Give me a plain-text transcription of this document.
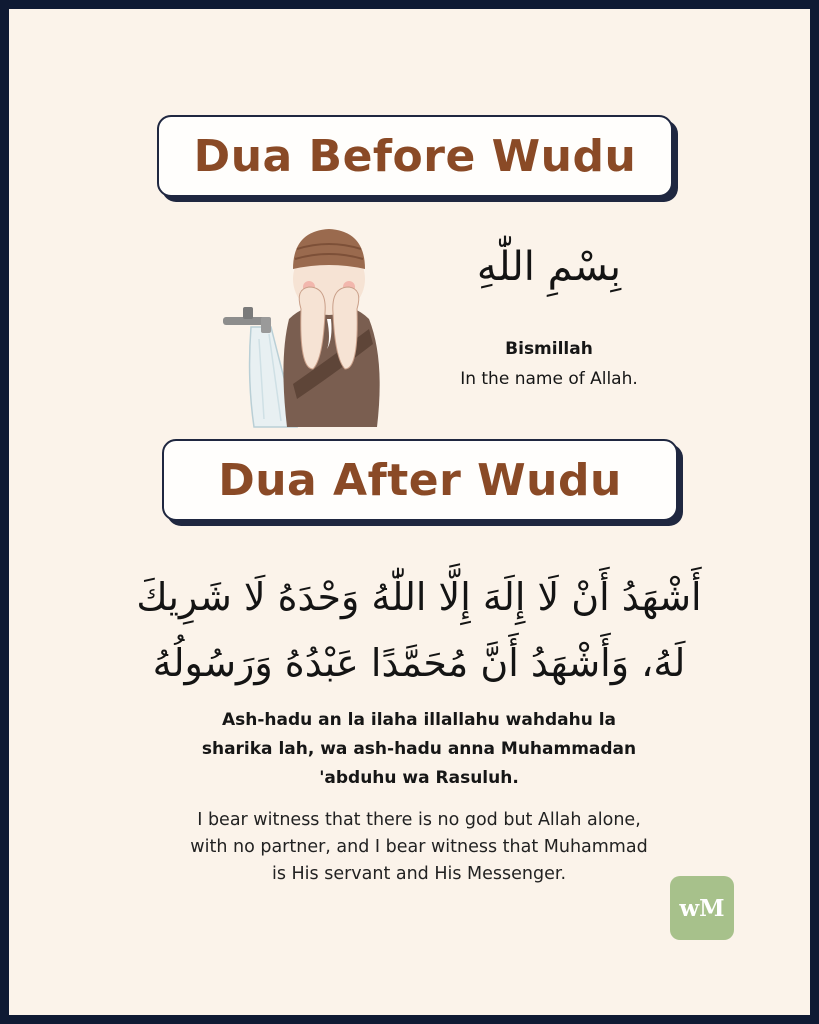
Dua Before Wudu
بِسْمِ اللّٰهِ
Bismillah
In the name of Allah.
Dua After Wudu
أَشْهَدُ أَنْ لَا إِلَهَ إِلَّا اللّٰهُ وَحْدَهُ لَا شَرِيكَ
لَهُ، وَأَشْهَدُ أَنَّ مُحَمَّدًا عَبْدُهُ وَرَسُولُهُ
Ash-hadu an la ilaha illallahu wahdahu la
sharika lah, wa ash-hadu anna Muhammadan
'abduhu wa Rasuluh.
I bear witness that there is no god but Allah alone,
with no partner, and I bear witness that Muhammad
is His servant and His Messenger.
wM
